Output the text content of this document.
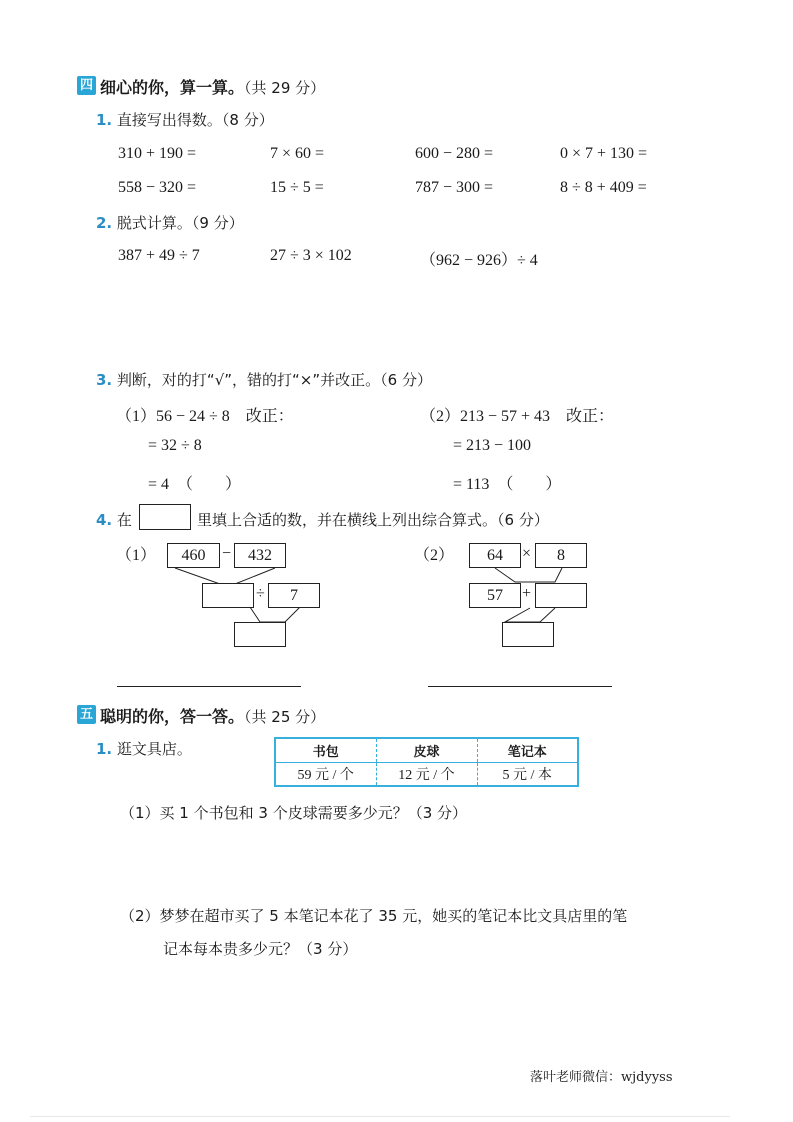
四 细心的你，算一算。（共 29 分）
1. 直接写出得数。（8 分）
310 + 190 =	7 × 60 =	600 − 280 =	0 × 7 + 130 =
558 − 320 =	15 ÷ 5 =	787 − 300 =	8 ÷ 8 + 409 =
2. 脱式计算。（9 分）
387 + 49 ÷ 7	27 ÷ 3 × 102	（962 − 926）÷ 4
3. 判断，对的打“√”，错的打“×”并改正。（6 分）
（1）56 − 24 ÷ 8　改正：
= 32 ÷ 8
= 4　（　　）
（2）213 − 57 + 43　改正：
= 213 − 100
= 113　（　　）
4. 在	里填上合适的数，并在横线上列出综合算式。（6 分）
（1）	460	−	432
÷	7
（2）	64	×	8
57	+
五 聪明的你，答一答。（共 25 分）
1. 逛文具店。	书包	皮球	笔记本
59 元 / 个	12 元 / 个	5 元 / 本
（1）买 1 个书包和 3 个皮球需要多少元？（3 分）
（2）梦梦在超市买了 5 本笔记本花了 35 元，她买的笔记本比文具店里的笔
记本每本贵多少元？（3 分）
落叶老师微信：wjdyyss
